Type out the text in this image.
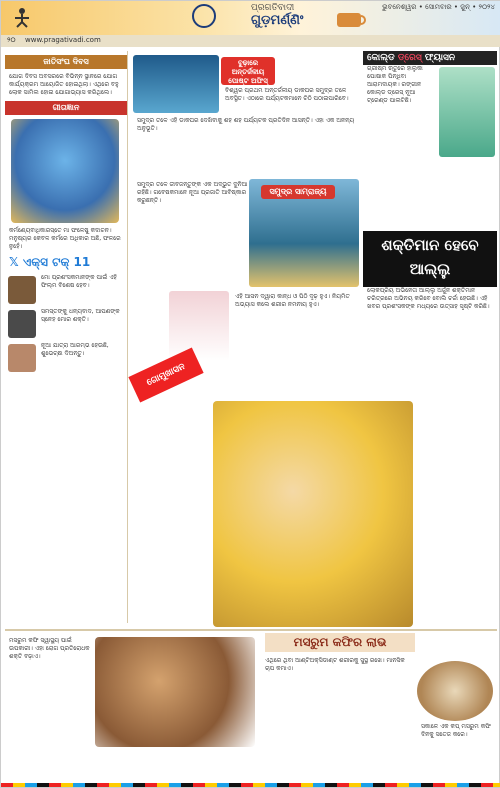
ପ୍ରଗତିବାଦୀ
ଗୁଡ଼ମର୍ଣ୍ଣିଂ
ଭୁବନେଶ୍ୱର • ସୋମବାର • ଜୁନ୍ • ୨୦୨୪
୨୦ www.pragativadi.com
ଜାତିସଂଘ ଦିବସ
ଯୋଗ ଦିବସ ଅବସରରେ ବିଭିନ୍ନ ସ୍ଥାନରେ ଯୋଗ କାର୍ଯ୍ୟକ୍ରମ ଆୟୋଜିତ ହୋଇଥିଲା। ଏଥିରେ ବହୁ ଲୋକ ସାମିଲ ହୋଇ ଯୋଗାଭ୍ୟାସ କରିଥିଲେ।
ଗୀତାଜ୍ଞାନ
କର୍ମଣ୍ୟେବାଧିକାରସ୍ତେ ମା ଫଳେଷୁ କଦାଚନ। ମନୁଷ୍ୟର କେବଳ କର୍ମରେ ଅଧିକାର ଅଛି, ଫଳରେ ନୁହେଁ।
𝕏 ଏକ୍ସ ଟକ୍ 11
ମୋ ପ୍ରଶଂସକମାନଙ୍କ ପାଇଁ ଏହି ଫିଲ୍ମ ବିଶେଷ ହେବ।
ସମସ୍ତଙ୍କୁ ଧନ୍ୟବାଦ, ଆପଣଙ୍କ ସ୍ନେହ ମୋର ଶକ୍ତି।
ନୂଆ ଯାତ୍ରା ଆରମ୍ଭ ହେଉଛି, ଶୁଭେଚ୍ଛା ଦିଅନ୍ତୁ।
ବୁଢ଼ାରେ ଅନ୍ତର୍ଜଳୀୟ ପୋଷ୍ଟ ଅଫିସ୍
ବିଶ୍ୱର ପ୍ରଥମ ଅନ୍ତର୍ଜଳୀୟ ଡାକଘର ସମୁଦ୍ର ତଳେ ଅବସ୍ଥିତ। ଏଠାରେ ପର୍ଯ୍ୟଟକମାନେ ଚିଠି ପଠାଇପାରିବେ।
ସମୁଦ୍ର ତଳେ ଏହି ଡାକଘର ଦେଖିବାକୁ ଶହ ଶହ ପର୍ଯ୍ୟଟକ ପ୍ରତିଦିନ ଆସନ୍ତି। ଏହା ଏକ ଅନନ୍ୟ ଅନୁଭୂତି।
କୋଲ୍ଡ ଡ୍ରେସ୍ ଫ୍ୟାସନ
ଗ୍ରୀଷ୍ମ ଋତୁରେ ହାଲୁକା ପୋଷାକ ପିନ୍ଧିବା ଆରାମଦାୟକ। ରଙ୍ଗୀନ କୋଲ୍ଡ ଡ୍ରେସ୍ ନୂଆ ଟ୍ରେଣ୍ଡ ପାଲଟିଛି।
ଶକ୍ତିମାନ ହେବେ ଆଲ୍ଲୁ
ଲୋକପ୍ରିୟ ଅଭିନେତା ଆଲ୍ଲୁ ଅର୍ଜୁନ ଶକ୍ତିମାନ ଚରିତ୍ରରେ ଅଭିନୟ କରିବେ ବୋଲି ଚର୍ଚ୍ଚା ହେଉଛି। ଏହି ଖବର ପ୍ରଶଂସକଙ୍କ ମଧ୍ୟରେ ଉତ୍ସାହ ସୃଷ୍ଟି କରିଛି।
ସମୁଦ୍ର ସାମ୍ରାଜ୍ୟ
ସମୁଦ୍ର ତଳେ ଜୀବଜନ୍ତୁଙ୍କ ଏକ ଅଦ୍ଭୁତ ଦୁନିଆ ରହିଛି। ଗବେଷକମାନେ ନୂଆ ପ୍ରଜାତି ଆବିଷ୍କାର କରୁଛନ୍ତି।
ଗୋମୁଖାସନ
ଏହି ଆସନ ଦ୍ୱାରା କାନ୍ଧ ଓ ପିଠି ଦୃଢ଼ ହୁଏ। ନିୟମିତ ଅଭ୍ୟାସ କଲେ ଶରୀର ନମନୀୟ ହୁଏ।
ମସରୁମ କଫି ସ୍ୱାସ୍ଥ୍ୟ ପାଇଁ ଉପକାରୀ। ଏହା ରୋଗ ପ୍ରତିରୋଧକ ଶକ୍ତି ବଢ଼ାଏ।
ମସରୁମ କଫିର ଲାଭ
ଏଥିରେ ଥିବା ଆଣ୍ଟିଅକ୍ସିଡାଣ୍ଟ ଶରୀରକୁ ସୁସ୍ଥ ରଖେ। ମାନସିକ ଚାପ କମାଏ।
ସକାଳେ ଏକ କପ୍ ମସରୁମ କଫି ଦିନକୁ ସତେଜ କରେ।
